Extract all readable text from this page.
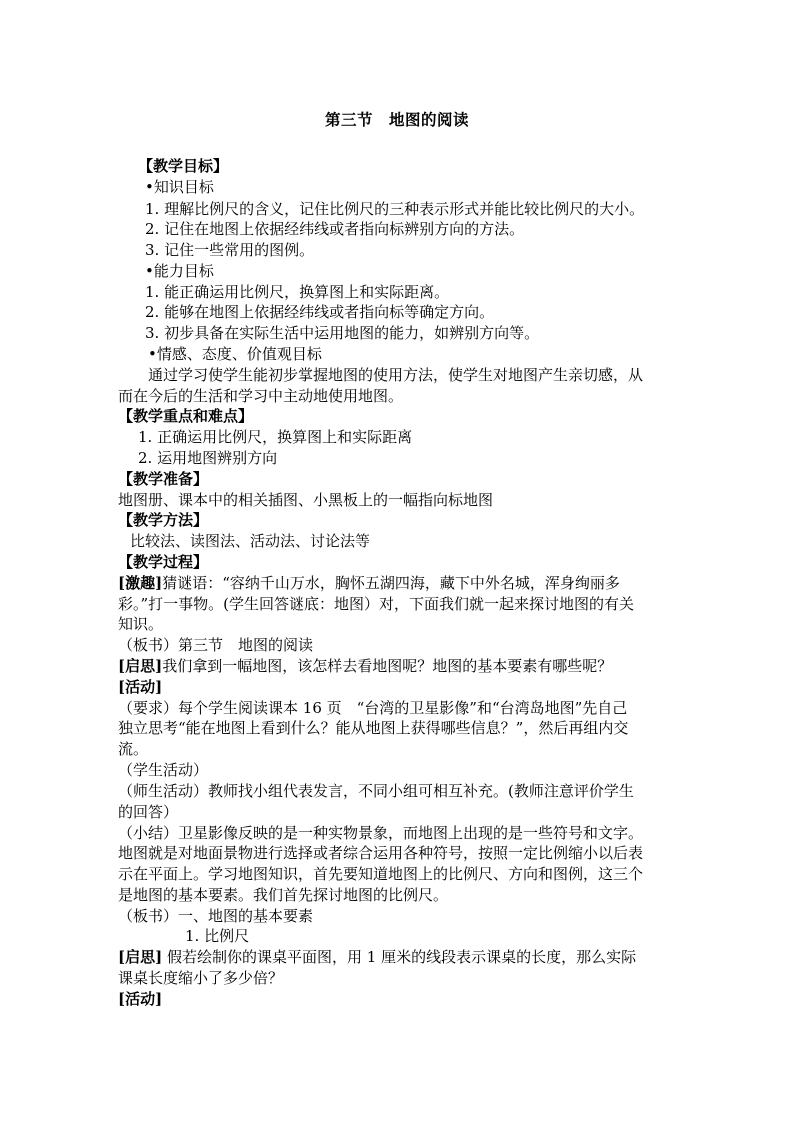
第三节　地图的阅读
【教学目标】
•知识目标
1. 理解比例尺的含义，记住比例尺的三种表示形式并能比较比例尺的大小。
2. 记住在地图上依据经纬线或者指向标辨别方向的方法。
3. 记住一些常用的图例。
•能力目标
1. 能正确运用比例尺，换算图上和实际距离。
2. 能够在地图上依据经纬线或者指向标等确定方向。
3. 初步具备在实际生活中运用地图的能力，如辨别方向等。
•情感、态度、价值观目标
通过学习使学生能初步掌握地图的使用方法，使学生对地图产生亲切感，从
而在今后的生活和学习中主动地使用地图。
【教学重点和难点】
1. 正确运用比例尺，换算图上和实际距离
2. 运用地图辨别方向
【教学准备】
地图册、课本中的相关插图、小黑板上的一幅指向标地图
【教学方法】
比较法、读图法、活动法、讨论法等
【教学过程】
[激趣]猜谜语：“容纳千山万水，胸怀五湖四海，藏下中外名城，浑身绚丽多
彩。”打一事物。(学生回答谜底：地图）对，下面我们就一起来探讨地图的有关
知识。
（板书）第三节　地图的阅读
[启思]我们拿到一幅地图，该怎样去看地图呢？地图的基本要素有哪些呢？
[活动]
（要求）每个学生阅读课本 16 页　“台湾的卫星影像”和“台湾岛地图”先自己
独立思考“能在地图上看到什么？能从地图上获得哪些信息？”，然后再组内交
流。
（学生活动）
（师生活动）教师找小组代表发言，不同小组可相互补充。(教师注意评价学生
的回答）
（小结）卫星影像反映的是一种实物景象，而地图上出现的是一些符号和文字。
地图就是对地面景物进行选择或者综合运用各种符号，按照一定比例缩小以后表
示在平面上。学习地图知识，首先要知道地图上的比例尺、方向和图例，这三个
是地图的基本要素。我们首先探讨地图的比例尺。
（板书）一、地图的基本要素
1. 比例尺
[启思] 假若绘制你的课桌平面图，用 1 厘米的线段表示课桌的长度，那么实际
课桌长度缩小了多少倍？
[活动]
